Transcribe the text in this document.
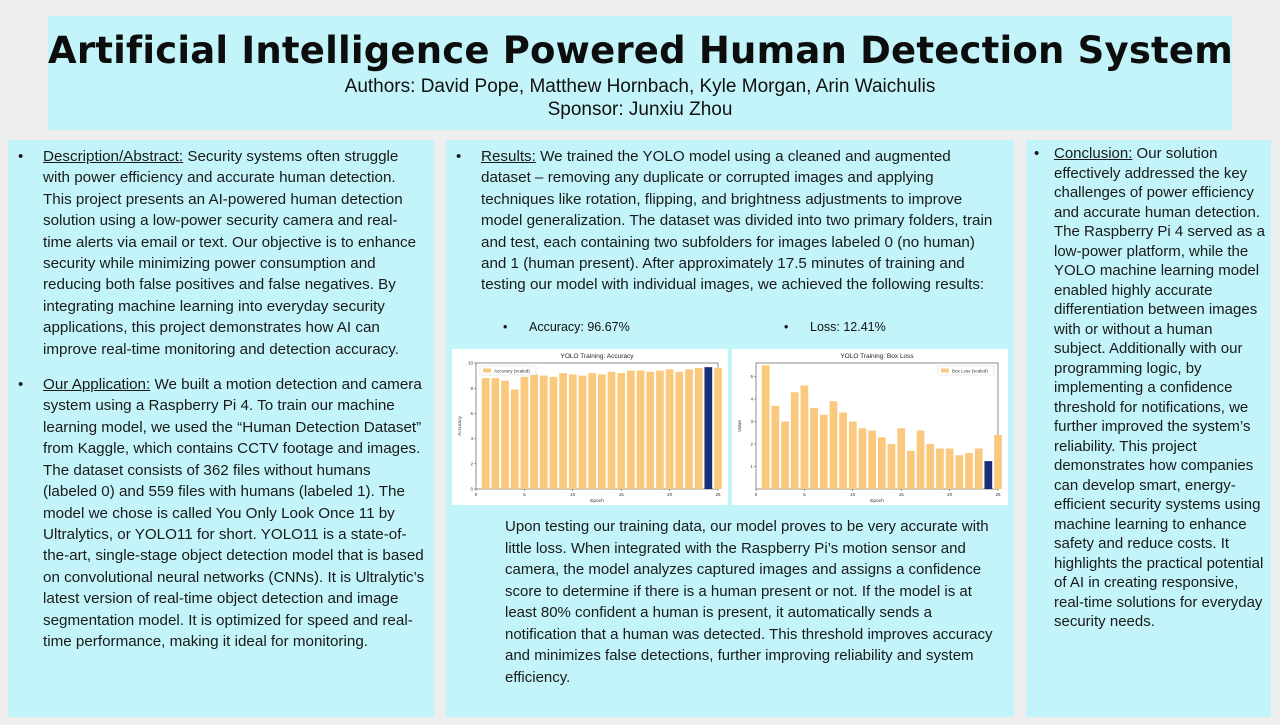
Artificial Intelligence Powered Human Detection System
Authors: David Pope, Matthew Hornbach, Kyle Morgan, Arin Waichulis
Sponsor: Junxiu Zhou
• Description/Abstract: Security systems often struggle with power efficiency and accurate human detection. This project presents an AI-powered human detection solution using a low-power security camera and real-time alerts via email or text. Our objective is to enhance security while minimizing power consumption and reducing both false positives and false negatives. By integrating machine learning into everyday security applications, this project demonstrates how AI can improve real-time monitoring and detection accuracy.
• Our Application: We built a motion detection and camera system using a Raspberry Pi 4. To train our machine learning model, we used the “Human Detection Dataset” from Kaggle, which contains CCTV footage and images. The dataset consists of 362 files without humans (labeled 0) and 559 files with humans (labeled 1). The model we chose is called You Only Look Once 11 by Ultralytics, or YOLO11 for short. YOLO11 is a state-of-the-art, single-stage object detection model that is based on convolutional neural networks (CNNs). It is Ultralytic’s latest version of real-time object detection and image segmentation model. It is optimized for speed and real-time performance, making it ideal for monitoring.
• Results: We trained the YOLO model using a cleaned and augmented dataset – removing any duplicate or corrupted images and applying techniques like rotation, flipping, and brightness adjustments to improve model generalization. The dataset was divided into two primary folders, train and test, each containing two subfolders for images labeled 0 (no human) and 1 (human present). After approximately 17.5 minutes of training and testing our model with individual images, we achieved the following results:
• Accuracy: 96.67%
•	Loss: 12.41%
YOLO Training: Accuracy
0	5	10	15	20	25
0
2
4
6
8
10
Epoch
Accuracy
Accuracy (scaled)
YOLO Training: Box Loss
0	5	10	15	20	25
1
2
3
4
5
Epoch
Value
Box Loss (scaled)
Upon testing our training data, our model proves to be very accurate with little loss. When integrated with the Raspberry Pi’s motion sensor and camera, the model analyzes captured images and assigns a confidence score to determine if there is a human present or not. If the model is at least 80% confident a human is present, it automatically sends a notification that a human was detected. This threshold improves accuracy and minimizes false detections, further improving reliability and system efficiency.
• Conclusion: Our solution effectively addressed the key challenges of power efficiency and accurate human detection. The Raspberry Pi 4 served as a low-power platform, while the YOLO machine learning model enabled highly accurate differentiation between images with or without a human subject. Additionally with our programming logic, by implementing a confidence threshold for notifications, we further improved the system’s reliability. This project demonstrates how companies can develop smart, energy-efficient security systems using machine learning to enhance safety and reduce costs. It highlights the practical potential of AI in creating responsive, real-time solutions for everyday security needs.
